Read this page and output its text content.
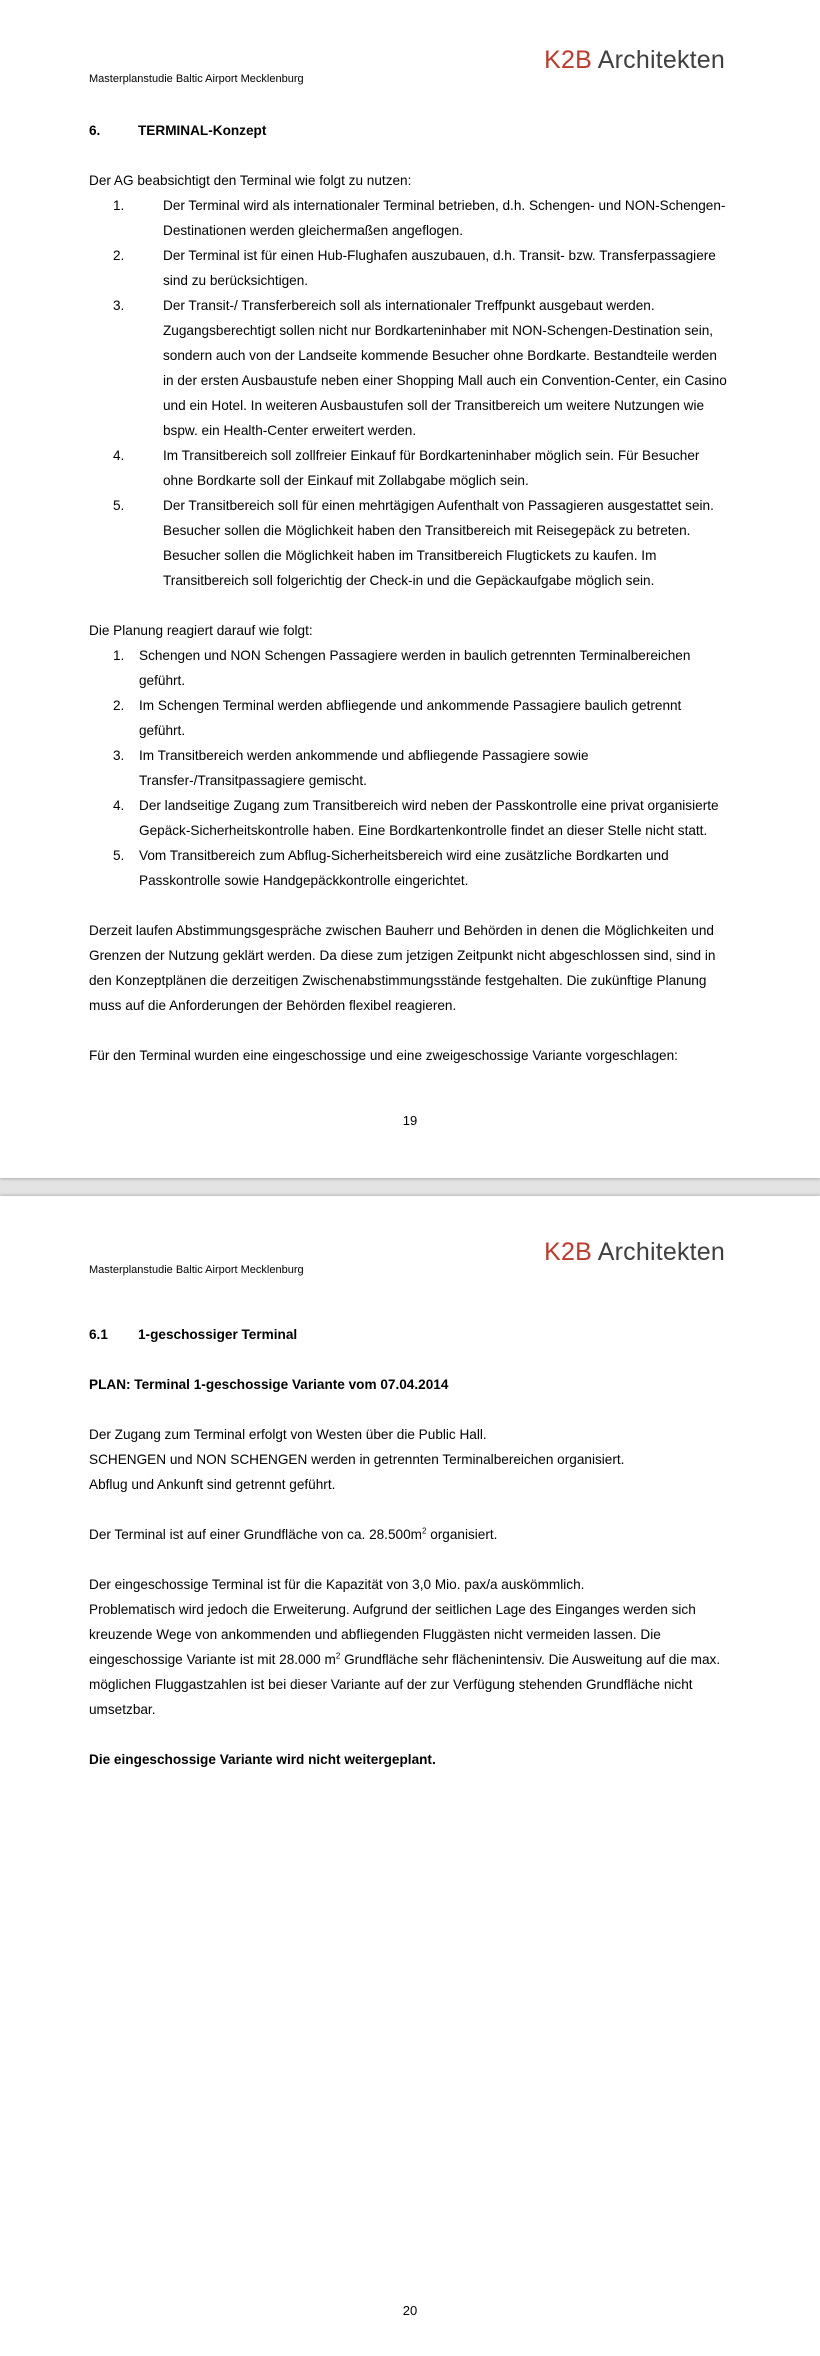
K2B Architekten
Masterplanstudie Baltic Airport Mecklenburg
6.	TERMINAL-Konzept

Der AG beabsichtigt den Terminal wie folgt zu nutzen:

1.	Der Terminal wird als internationaler Terminal betrieben, d.h. Schengen- und NON-Schengen-Destinationen werden gleichermaßen angeflogen.
2.	Der Terminal ist für einen Hub-Flughafen auszubauen, d.h. Transit- bzw. Transferpassagiere sind zu berücksichtigen.
3.	Der Transit-/ Transferbereich soll als internationaler Treffpunkt ausgebaut werden. Zugangsberechtigt sollen nicht nur Bordkarteninhaber mit NON-Schengen-Destination sein, sondern auch von der Landseite kommende Besucher ohne Bordkarte. Bestandteile werden in der ersten Ausbaustufe neben einer Shopping Mall auch ein Convention-Center, ein Casino und ein Hotel. In weiteren Ausbaustufen soll der Transitbereich um weitere Nutzungen wie bspw. ein Health-Center erweitert werden.
4.	Im Transitbereich soll zollfreier Einkauf für Bordkarteninhaber möglich sein. Für Besucher ohne Bordkarte soll der Einkauf mit Zollabgabe möglich sein.
5.	Der Transitbereich soll für einen mehrtägigen Aufenthalt von Passagieren ausgestattet sein. Besucher sollen die Möglichkeit haben den Transitbereich mit Reisegepäck zu betreten. Besucher sollen die Möglichkeit haben im Transitbereich Flugtickets zu kaufen. Im Transitbereich soll folgerichtig der Check-in und die Gepäckaufgabe möglich sein.

Die Planung reagiert darauf wie folgt:

1.	Schengen und NON Schengen Passagiere werden in baulich getrennten Terminalbereichen geführt.
2.	Im Schengen Terminal werden abfliegende und ankommende Passagiere baulich getrennt geführt.
3.	Im Transitbereich werden ankommende und abfliegende Passagiere sowie Transfer-/Transitpassagiere gemischt.
4.	Der landseitige Zugang zum Transitbereich wird neben der Passkontrolle eine privat organisierte Gepäck-Sicherheitskontrolle haben. Eine Bordkartenkontrolle findet an dieser Stelle nicht statt.
5.	Vom Transitbereich zum Abflug-Sicherheitsbereich wird eine zusätzliche Bordkarten und Passkontrolle sowie Handgepäckkontrolle eingerichtet.

Derzeit laufen Abstimmungsgespräche zwischen Bauherr und Behörden in denen die Möglichkeiten und Grenzen der Nutzung geklärt werden. Da diese zum jetzigen Zeitpunkt nicht abgeschlossen sind, sind in den Konzeptplänen die derzeitigen Zwischenabstimmungsstände festgehalten. Die zukünftige Planung muss auf die Anforderungen der Behörden flexibel reagieren.

Für den Terminal wurden eine eingeschossige und eine zweigeschossige Variante vorgeschlagen:

19
K2B Architekten
Masterplanstudie Baltic Airport Mecklenburg
6.1	1-geschossiger Terminal

PLAN: Terminal 1-geschossige Variante vom 07.04.2014

Der Zugang zum Terminal erfolgt von Westen über die Public Hall.

SCHENGEN und NON SCHENGEN werden in getrennten Terminalbereichen organisiert.

Abflug und Ankunft sind getrennt geführt.

Der Terminal ist auf einer Grundfläche von ca. $28.500m^2$ organisiert.

Der eingeschossige Terminal ist für die Kapazität von 3,0 Mio. pax/a auskömmlich.

Problematisch wird jedoch die Erweiterung. Aufgrund der seitlichen Lage des Einganges werden sich kreuzende Wege von ankommenden und abfliegenden Fluggästen nicht vermeiden lassen. Die eingeschossige Variante ist mit 28.000 $m^2$ Grundfläche sehr flächenintensiv. Die Ausweitung auf die max. möglichen Fluggastzahlen ist bei dieser Variante auf der zur Verfügung stehenden Grundfläche nicht umsetzbar.

Die eingeschossige Variante wird nicht weitergeplant.

20
